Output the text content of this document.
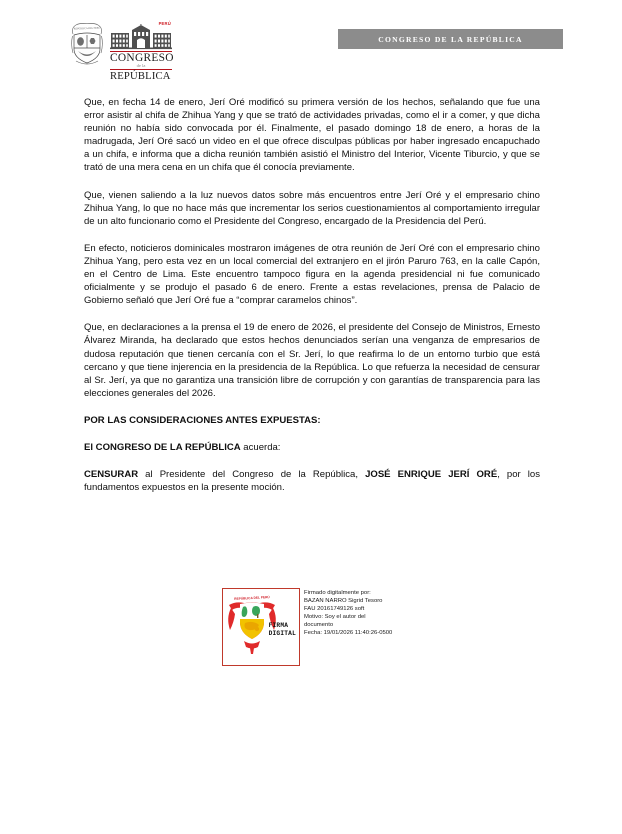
REPÚBLICA DEL PERÚ
PERÚ
CONGRESO
de la
REPÚBLICA
CONGRESO DE LA REPÚBLICA

Que, en fecha 14 de enero, Jerí Oré modificó su primera versión de los hechos, señalando que fue una error asistir al chifa de Zhihua Yang y que se trató de actividades privadas, como el ir a comer, y que dicha reunión no había sido convocada por él. Finalmente, el pasado domingo 18 de enero, a horas de la madrugada, Jerí Oré sacó un video en el que ofrece disculpas públicas por haber ingresado encapuchado a un chifa, e informa que a dicha reunión también asistió el Ministro del Interior, Vicente Tiburcio, y que se trató de una mera cena en un chifa que él conocía previamente.

Que, vienen saliendo a la luz nuevos datos sobre más encuentros entre Jerí Oré y el empresario chino Zhihua Yang, lo que no hace más que incrementar los serios cuestionamientos al comportamiento irregular de un alto funcionario como el Presidente del Congreso, encargado de la Presidencia del Perú.

En efecto, noticieros dominicales mostraron imágenes de otra reunión de Jerí Oré con el empresario chino Zhihua Yang, pero esta vez en un local comercial del extranjero en el jirón Paruro 763, en la calle Capón, en el Centro de Lima. Este encuentro tampoco figura en la agenda presidencial ni fue comunicado oficialmente y se produjo el pasado 6 de enero. Frente a estas revelaciones, prensa de Palacio de Gobierno señaló que Jerí Oré fue a “comprar caramelos chinos”.

Que, en declaraciones a la prensa el 19 de enero de 2026, el presidente del Consejo de Ministros, Ernesto Álvarez Miranda, ha declarado que estos hechos denunciados serían una venganza de empresarios de dudosa reputación que tienen cercanía con el Sr. Jerí, lo que reafirma lo de un entorno turbio que está cercano y que tiene injerencia en la presidencia de la República. Lo que refuerza la necesidad de censurar al Sr. Jerí, ya que no garantiza una transición libre de corrupción y con garantías de transparencia para las elecciones generales del 2026.

POR LAS CONSIDERACIONES ANTES EXPUESTAS:

El CONGRESO DE LA REPÚBLICA acuerda:

CENSURAR al Presidente del Congreso de la República, JOSÉ ENRIQUE JERÍ ORÉ, por los fundamentos expuestos en la presente moción.

REPÚBLICA DEL PERÚ
FIRMA
DIGITAL
Firmado digitalmente por:
BAZAN NARRO Sigrid Tesoro
FAU 20161749126 soft
Motivo: Soy el autor del
documento
Fecha: 19/01/2026 11:40:26-0500
